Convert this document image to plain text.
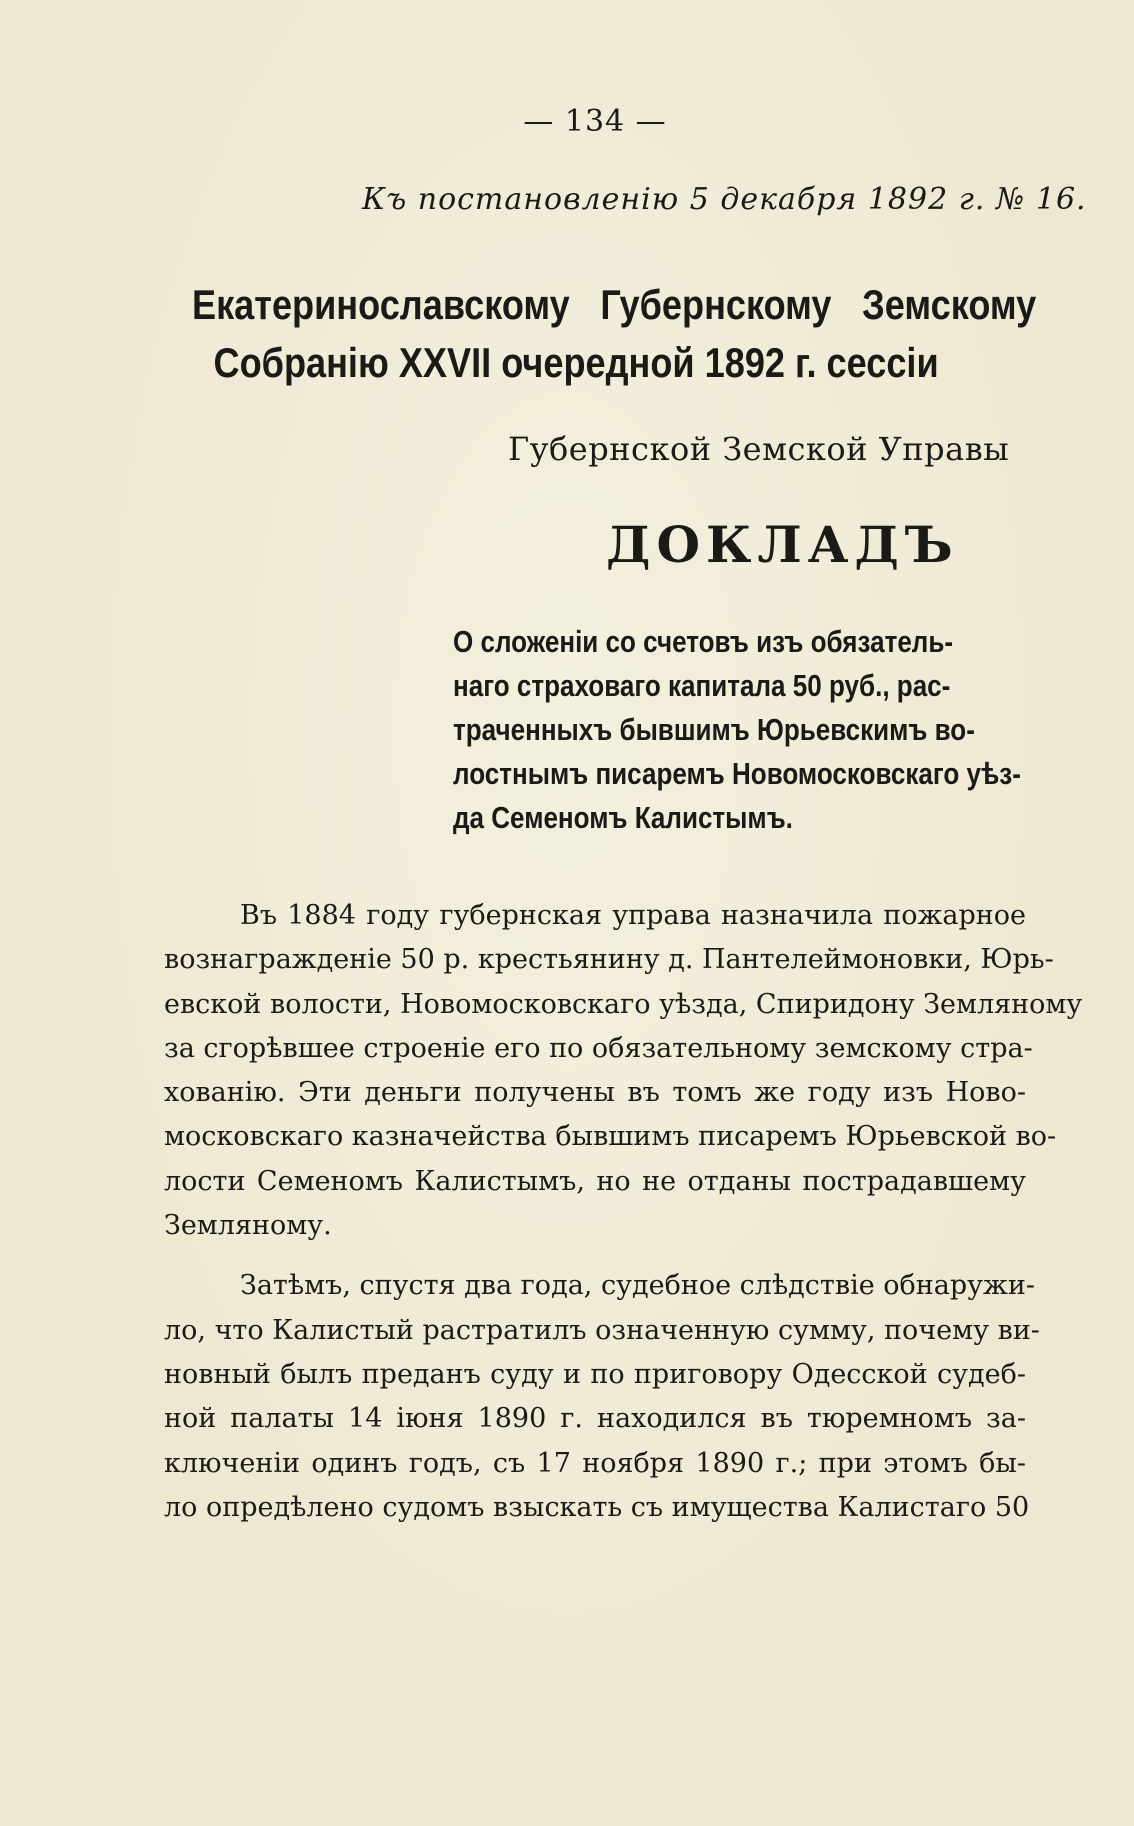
— 134 —
Къ постановленію 5 декабря 1892 г. № 16.
Екатеринославскому Губернскому Земскому
Собранію XXVII очередной 1892 г. сессіи
Губернской Земской Управы
ДОКЛАДЪ
О сложеніи со счетовъ изъ обязатель-
наго страховаго капитала 50 руб., рас-
траченныхъ бывшимъ Юрьевскимъ во-
лостнымъ писаремъ Новомосковскаго уѣз-
да Семеномъ Калистымъ.
Въ 1884 году губернская управа назначила пожарное
вознагражденіе 50 р. крестьянину д. Пантелеймоновки, Юрь-
евской волости, Новомосковскаго уѣзда, Спиридону Земляному
за сгорѣвшее строеніе его по обязательному земскому стра-
хованію. Эти деньги получены въ томъ же году изъ Ново-
московскаго казначейства бывшимъ писаремъ Юрьевской во-
лости Семеномъ Калистымъ, но не отданы пострадавшему
Земляному.
Затѣмъ, спустя два года, судебное слѣдствіе обнаружи-
ло, что Калистый растратилъ означенную сумму, почему ви-
новный былъ преданъ суду и по приговору Одесской судеб-
ной палаты 14 іюня 1890 г. находился въ тюремномъ за-
ключеніи одинъ годъ, съ 17 ноября 1890 г.; при этомъ бы-
ло опредѣлено судомъ взыскать съ имущества Калистаго 50
